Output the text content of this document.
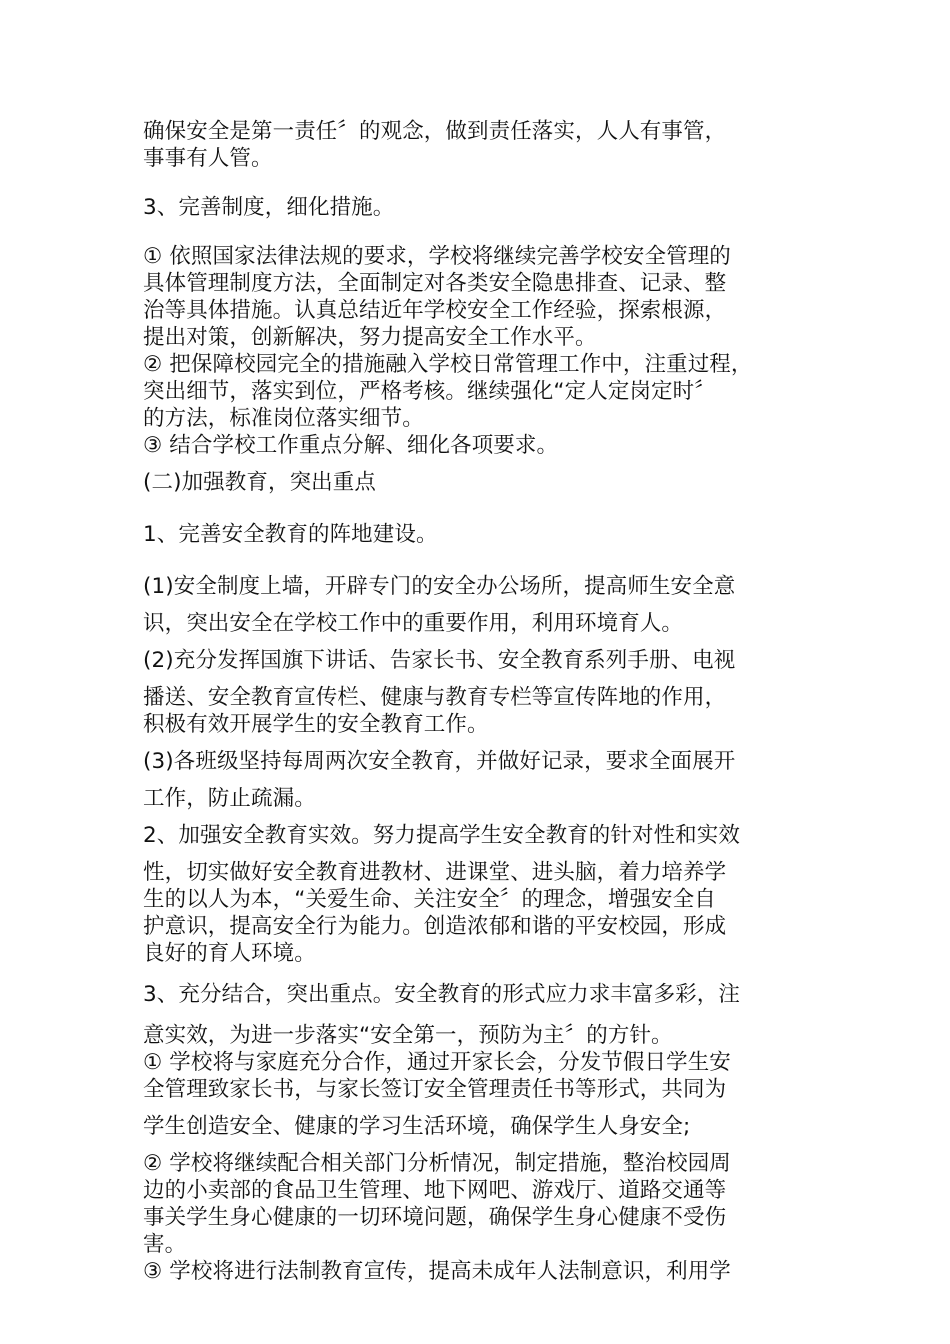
确保安全是第一责任〞的观念，做到责任落实，人人有事管，
事事有人管。
3、完善制度，细化措施。
① 依照国家法律法规的要求，学校将继续完善学校安全管理的
具体管理制度方法，全面制定对各类安全隐患排查、记录、整
治等具体措施。认真总结近年学校安全工作经验，探索根源，
提出对策，创新解决，努力提高安全工作水平。
② 把保障校园完全的措施融入学校日常管理工作中，注重过程，
突出细节，落实到位，严格考核。继续强化“定人定岗定时〞
的方法，标准岗位落实细节。
③ 结合学校工作重点分解、细化各项要求。
(二)加强教育，突出重点
1、完善安全教育的阵地建设。
(1)安全制度上墙，开辟专门的安全办公场所，提高师生安全意
识，突出安全在学校工作中的重要作用，利用环境育人。
(2)充分发挥国旗下讲话、告家长书、安全教育系列手册、电视
播送、安全教育宣传栏、健康与教育专栏等宣传阵地的作用，
积极有效开展学生的安全教育工作。
(3)各班级坚持每周两次安全教育，并做好记录，要求全面展开
工作，防止疏漏。
2、加强安全教育实效。努力提高学生安全教育的针对性和实效
性，切实做好安全教育进教材、进课堂、进头脑，着力培养学
生的以人为本，“关爱生命、关注安全〞的理念，增强安全自
护意识，提高安全行为能力。创造浓郁和谐的平安校园，形成
良好的育人环境。
3、充分结合，突出重点。安全教育的形式应力求丰富多彩，注
意实效，为进一步落实“安全第一，预防为主〞的方针。
① 学校将与家庭充分合作，通过开家长会，分发节假日学生安
全管理致家长书，与家长签订安全管理责任书等形式，共同为
学生创造安全、健康的学习生活环境，确保学生人身安全;
② 学校将继续配合相关部门分析情况，制定措施，整治校园周
边的小卖部的食品卫生管理、地下网吧、游戏厅、道路交通等
事关学生身心健康的一切环境问题，确保学生身心健康不受伤
害。
③ 学校将进行法制教育宣传，提高未成年人法制意识，利用学
